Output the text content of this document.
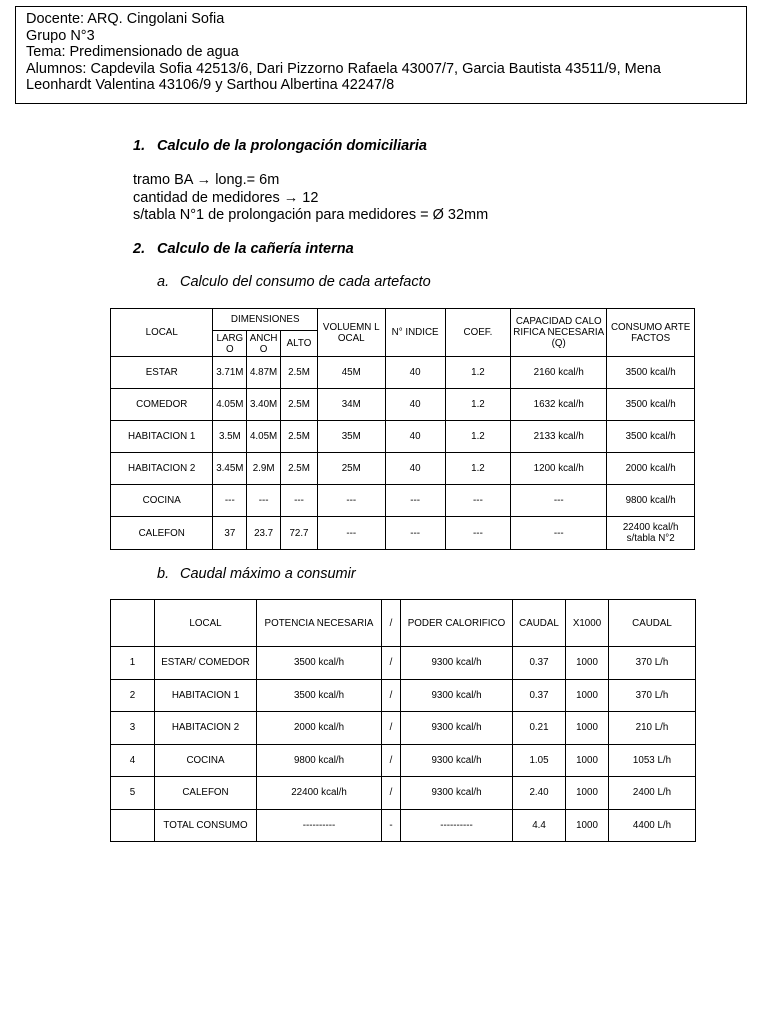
Docente: ARQ. Cingolani Sofia
Grupo N°3
Tema: Predimensionado de agua
Alumnos: Capdevila Sofia 42513/6, Dari Pizzorno Rafaela 43007/7, Garcia Bautista 43511/9, Mena
Leonhardt Valentina 43106/9 y Sarthou Albertina 42247/8
1. Calculo de la prolongación domiciliaria
tramo BA → long.= 6m
cantidad de medidores → 12
s/tabla N°1 de prolongación para medidores = Ø 32mm
2. Calculo de la cañería interna
a. Calculo del consumo de cada artefacto
LOCAL	DIMENSIONES			VOLUEMN LOCAL	N° INDICE	COEF.	CAPACIDAD CALORIFICA NECESARIA (Q)	CONSUMO ARTEFACTOS
	LARGO	ANCHO	ALTO					
ESTAR	3.71M	4.87M	2.5M	45M	40	1.2	2160 kcal/h	3500 kcal/h
COMEDOR	4.05M	3.40M	2.5M	34M	40	1.2	1632 kcal/h	3500 kcal/h
HABITACION 1	3.5M	4.05M	2.5M	35M	40	1.2	2133 kcal/h	3500 kcal/h
HABITACION 2	3.45M	2.9M	2.5M	25M	40	1.2	1200 kcal/h	2000 kcal/h
COCINA	---	---	---	---	---	---	---	9800 kcal/h
CALEFON	37	23.7	72.7	---	---	---	---	22400 kcal/h s/tabla N°2
b. Caudal máximo a consumir
	LOCAL	POTENCIA NECESARIA	/	PODER CALORIFICO	CAUDAL	X1000	CAUDAL
1	ESTAR/ COMEDOR	3500 kcal/h	/	9300 kcal/h	0.37	1000	370 L/h
2	HABITACION 1	3500 kcal/h	/	9300 kcal/h	0.37	1000	370 L/h
3	HABITACION 2	2000 kcal/h	/	9300 kcal/h	0.21	1000	210 L/h
4	COCINA	9800 kcal/h	/	9300 kcal/h	1.05	1000	1053 L/h
5	CALEFON	22400 kcal/h	/	9300 kcal/h	2.40	1000	2400 L/h
	TOTAL CONSUMO	----------	-	----------	4.4	1000	4400 L/h
